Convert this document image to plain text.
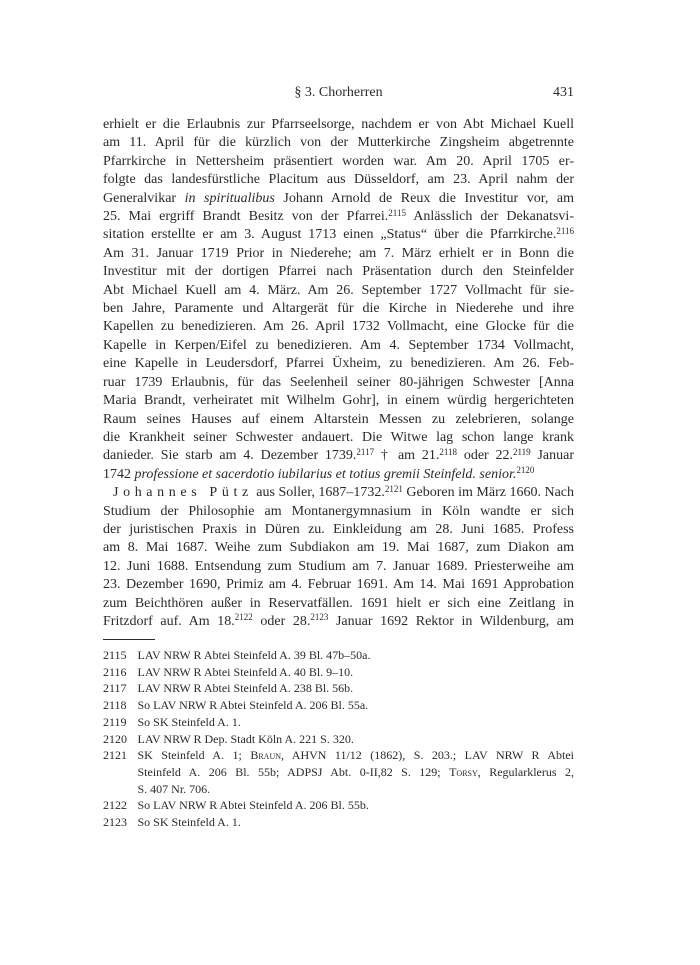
§ 3. Chorherren	431
erhielt er die Erlaubnis zur Pfarrseelsorge, nachdem er von Abt Michael Kuell
am 11. April für die kürzlich von der Mutterkirche Zingsheim abgetrennte
Pfarrkirche in Nettersheim präsentiert worden war. Am 20. April 1705 er-
folgte das landesfürstliche Placitum aus Düsseldorf, am 23. April nahm der
Generalvikar in spiritualibus Johann Arnold de Reux die Investitur vor, am
25. Mai ergriff Brandt Besitz von der Pfarrei.$^{2115}$ Anlässlich der Dekanatsvi-
sitation erstellte er am 3. August 1713 einen „Status“ über die Pfarrkirche.$^{2116}$
Am 31. Januar 1719 Prior in Niederehe; am 7. März erhielt er in Bonn die
Investitur mit der dortigen Pfarrei nach Präsentation durch den Steinfelder
Abt Michael Kuell am 4. März. Am 26. September 1727 Vollmacht für sie-
ben Jahre, Paramente und Altargerät für die Kirche in Niederehe und ihre
Kapellen zu benedizieren. Am 26. April 1732 Vollmacht, eine Glocke für die
Kapelle in Kerpen/Eifel zu benedizieren. Am 4. September 1734 Vollmacht,
eine Kapelle in Leudersdorf, Pfarrei Üxheim, zu benedizieren. Am 26. Feb-
ruar 1739 Erlaubnis, für das Seelenheil seiner 80-jährigen Schwester [Anna
Maria Brandt, verheiratet mit Wilhelm Gohr], in einem würdig hergerichteten
Raum seines Hauses auf einem Altarstein Messen zu zelebrieren, solange
die Krankheit seiner Schwester andauert. Die Witwe lag schon lange krank
danieder. Sie starb am 4. Dezember 1739.$^{2117}$ † am 21.$^{2118}$ oder 22.$^{2119}$ Januar
1742 professione et sacerdotio iubilarius et totius gremii Steinfeld. senior.$^{2120}$
Johannes Pütz aus Soller, 1687–1732.$^{2121}$ Geboren im März 1660. Nach
Studium der Philosophie am Montanergymnasium in Köln wandte er sich
der juristischen Praxis in Düren zu. Einkleidung am 28. Juni 1685. Profess
am 8. Mai 1687. Weihe zum Subdiakon am 19. Mai 1687, zum Diakon am
12. Juni 1688. Entsendung zum Studium am 7. Januar 1689. Priesterweihe am
23. Dezember 1690, Primiz am 4. Februar 1691. Am 14. Mai 1691 Approbation
zum Beichthören außer in Reservatfällen. 1691 hielt er sich eine Zeitlang in
Fritzdorf auf. Am 18.$^{2122}$ oder 28.$^{2123}$ Januar 1692 Rektor in Wildenburg, am
2115 LAV NRW R Abtei Steinfeld A. 39 Bl. 47b–50a.
2116 LAV NRW R Abtei Steinfeld A. 40 Bl. 9–10.
2117 LAV NRW R Abtei Steinfeld A. 238 Bl. 56b.
2118 So LAV NRW R Abtei Steinfeld A. 206 Bl. 55a.
2119 So SK Steinfeld A. 1.
2120 LAV NRW R Dep. Stadt Köln A. 221 S. 320.
2121 SK Steinfeld A. 1; Braun, AHVN 11/12 (1862), S. 203.; LAV NRW R Abtei
Steinfeld A. 206 Bl. 55b; ADPSJ Abt. 0-II,82 S. 129; Torsy, Regularklerus 2,
S. 407 Nr. 706.
2122 So LAV NRW R Abtei Steinfeld A. 206 Bl. 55b.
2123 So SK Steinfeld A. 1.
